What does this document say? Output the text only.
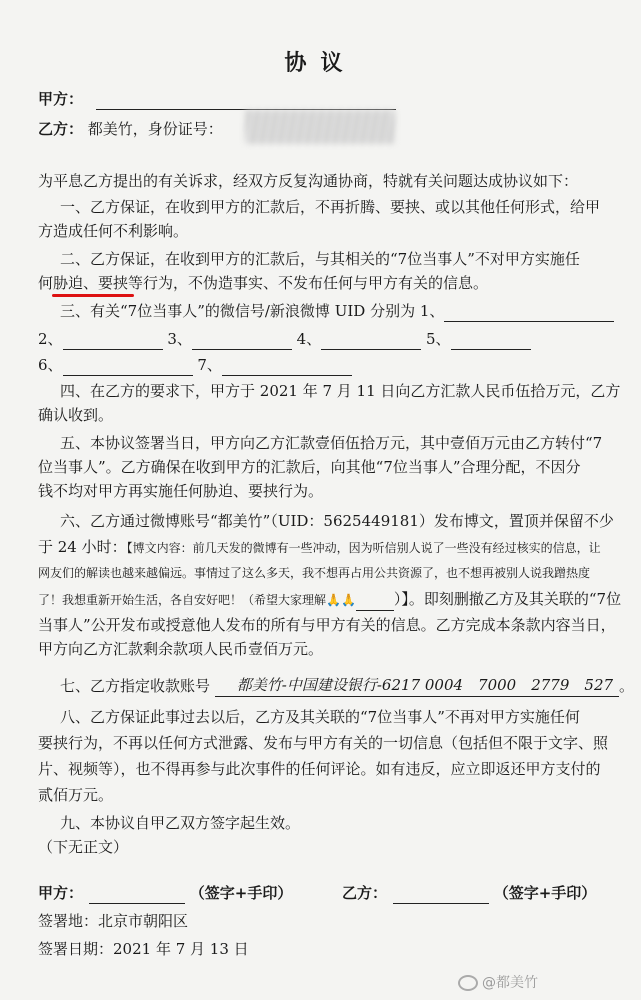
协议
甲方：
乙方： 都美竹，身份证号：
为平息乙方提出的有关诉求，经双方反复沟通协商，特就有关问题达成协议如下：
一、乙方保证，在收到甲方的汇款后，不再折腾、要挟、或以其他任何形式，给甲
方造成任何不利影响。
二、乙方保证，在收到甲方的汇款后，与其相关的“7位当事人”不对甲方实施任
何胁迫、要挟等行为，不伪造事实、不发布任何与甲方有关的信息。
三、有关“7位当事人”的微信号/新浪微博 UID 分别为 1、
2、	3、	4、	5、
6、	7、
四、在乙方的要求下，甲方于 2021 年 7 月 11 日向乙方汇款人民币伍拾万元，乙方
确认收到。
五、本协议签署当日，甲方向乙方汇款壹佰伍拾万元，其中壹佰万元由乙方转付“7
位当事人”。乙方确保在收到甲方的汇款后，向其他“7位当事人”合理分配，不因分
钱不均对甲方再实施任何胁迫、要挟行为。
六、乙方通过微博账号“都美竹”（UID：5625449181）发布博文，置顶并保留不少
于 24 小时：【博文内容：前几天发的微博有一些冲动，因为听信别人说了一些没有经过核实的信息，让
网友们的解读也越来越偏远。事情过了这么多天，我不想再占用公共资源了，也不想再被别人说我蹭热度
了！我想重新开始生活，各自安好吧！（希望大家理解🙏🙏	）】。即刻删撤乙方及其关联的“7位
当事人”公开发布或授意他人发布的所有与甲方有关的信息。乙方完成本条款内容当日，
甲方向乙方汇款剩余款项人民币壹佰万元。
七、乙方指定收款账号 都美竹-中国建设银行-6217 0004　7000　2779　527 。
八、乙方保证此事过去以后，乙方及其关联的“7位当事人”不再对甲方实施任何
要挟行为，不再以任何方式泄露、发布与甲方有关的一切信息（包括但不限于文字、照
片、视频等），也不得再参与此次事件的任何评论。如有违反，应立即返还甲方支付的
贰佰万元。
九、本协议自甲乙双方签字起生效。
（下无正文）
甲方：	（签字+手印）	乙方：	（签字+手印）
签署地：北京市朝阳区
签署日期：2021 年 7 月 13 日
@都美竹
